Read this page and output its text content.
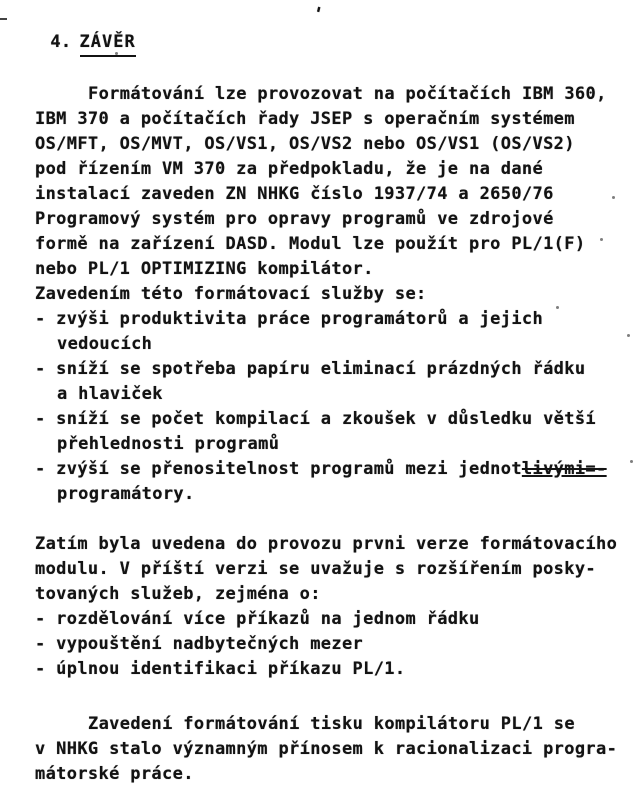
'

4. ZÁVĚR

Formátování lze provozovat na počítačích IBM 360,
IBM 370 a počítačích řady JSEP s operačním systémem
OS/MFT, OS/MVT, OS/VS1, OS/VS2 nebo OS/VS1 (OS/VS2)
pod řízením VM 370 za předpokladu, že je na dané
instalací zaveden ZN NHKG číslo 1937/74 a 2650/76
Programový systém pro opravy programů ve zdrojové
formě na zařízení DASD. Modul lze použít pro PL/1(F)
nebo PL/1 OPTIMIZING kompilátor.
Zavedením této formátovací služby se:
- zvýši produktivita práce programátorů a jejich
vedoucích
- sníží se spotřeba papíru eliminací prázdných řádku
a hlaviček
- sníží se počet kompilací a zkoušek v důsledku větší
přehlednosti programů
- zvýší se přenositelnost programů mezi jednotlivými=-
programátory.
Zatím byla uvedena do provozu prvni verze formátovacího
modulu. V příští verzi se uvažuje s rozšířením posky-
tovaných služeb, zejména o:
- rozdělování více příkazů na jednom řádku
- vypouštění nadbytečných mezer
- úplnou identifikaci příkazu PL/1.
Zavedení formátování tisku kompilátoru PL/1 se
v NHKG stalo významným přínosem k racionalizaci progra-
mátorské práce.
